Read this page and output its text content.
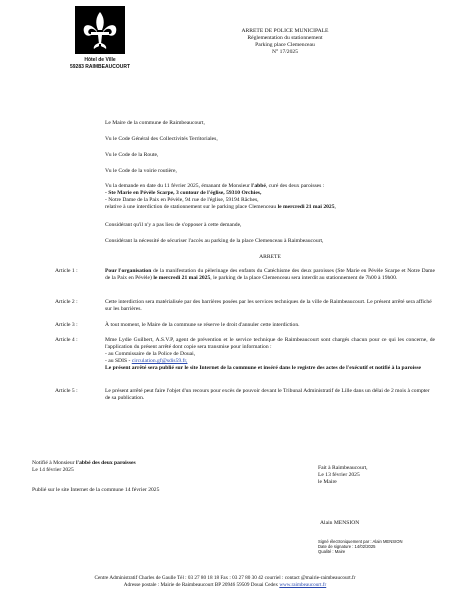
Hôtel de Ville
59283 RAIMBEAUCOURT

ARRETE DE POLICE MUNICIPALE

Réglementation du stationnement

Parking place Clemenceau

N° 17/2025

Le Maire de la commune de Raimbeaucourt,

Vu le Code Général des Collectivités Territoriales,

Vu le Code de la Route,

Vu le Code de la voirie routière,

Vu la demande en date du 11 février 2025, émanant de Monsieur l'abbé, curé des deux paroisses :

- Ste Marie en Pévèle Scarpe, 3 contour de l'église, 59310 Orchies,

- Notre Dame de la Paix en Pévèle, 94 rue de l'église, 59194 Râches,

relative à une interdiction de stationnement sur le parking place Clemenceau le mercredi 21 mai 2025,

Considérant qu'il n'y a pas lieu de s'opposer à cette demande,

Considérant la nécessité de sécuriser l'accès au parking de la place Clemenceau à Raimbeaucourt,

ARRETE
Article 1 :	Pour l'organisation de la manifestation du pèlerinage des enfants du Catéchisme des deux paroisses (Ste Marie en Pévèle Scarpe et Notre Dame de la Paix en Pévèle) le mercredi 21 mai 2025, le parking de la place Clemenceau sera interdit au stationnement de 7h00 à 19h00.
Article 2 :	Cette interdiction sera matérialisée par des barrières posées par les services techniques de la ville de Raimbeaucourt. Le présent arrêté sera affiché sur les barrières.
Article 3 :	À tout moment, le Maire de la commune se réserve le droit d'annuler cette interdiction.
Article 4 :	Mme Lydie Guilbert, A.S.V.P, agent de prévention et le service technique de Raimbeaucourt sont chargés chacun pour ce qui les concerne, de l'application du présent arrêté dont copie sera transmise pour information :

- au Commissaire de la Police de Douai,

- au SDIS - circulation.gf@sdis59.fr,

Le présent arrêté sera publié sur le site Internet de la commune et inséré dans le registre des actes de l'exécutif et notifié à la paroisse

Article 5 :	Le présent arrêté peut faire l'objet d'un recours pour excès de pouvoir devant le Tribunal Administratif de Lille dans un délai de 2 mois à compter de sa publication.

Notifié à Monsieur l'abbé des deux paroisses

Le 14 février 2025

Publié sur le site Internet de la commune 14 février 2025

Fait à Raimbeaucourt,

Le 13 février 2025

le Maire

Alain MENSION

Signé électroniquement par : Alain MENSION

Date de signature : 14/02/2025

Qualité : Maire

Centre Administratif Charles de Gaulle Tél : 03 27 80 18 18 Fax : 03 27 80 30 42 courriel : contact @mairie-raimbeaucourt.fr

Adresse postale : Mairie de Raimbeaucourt BP 20946 59509 Douai Cedex www.raimbeaucourt.fr
